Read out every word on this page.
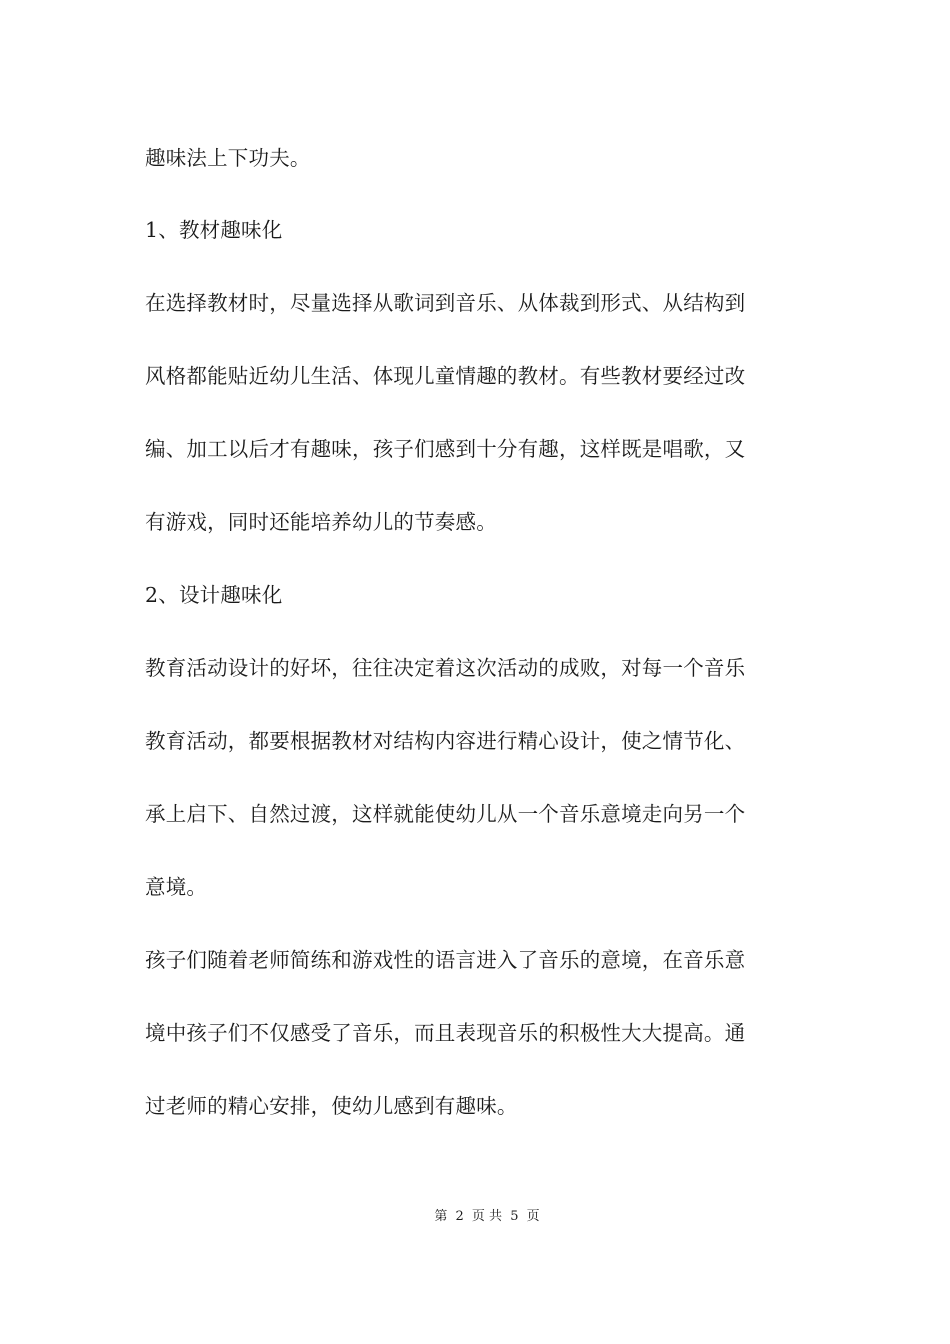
趣味法上下功夫。
1、教材趣味化
在选择教材时，尽量选择从歌词到音乐、从体裁到形式、从结构到
风格都能贴近幼儿生活、体现儿童情趣的教材。有些教材要经过改
编、加工以后才有趣味，孩子们感到十分有趣，这样既是唱歌，又
有游戏，同时还能培养幼儿的节奏感。
2、设计趣味化
教育活动设计的好坏，往往决定着这次活动的成败，对每一个音乐
教育活动，都要根据教材对结构内容进行精心设计，使之情节化、
承上启下、自然过渡，这样就能使幼儿从一个音乐意境走向另一个
意境。
孩子们随着老师简练和游戏性的语言进入了音乐的意境，在音乐意
境中孩子们不仅感受了音乐，而且表现音乐的积极性大大提高。通
过老师的精心安排，使幼儿感到有趣味。
第 2 页 共 5 页
